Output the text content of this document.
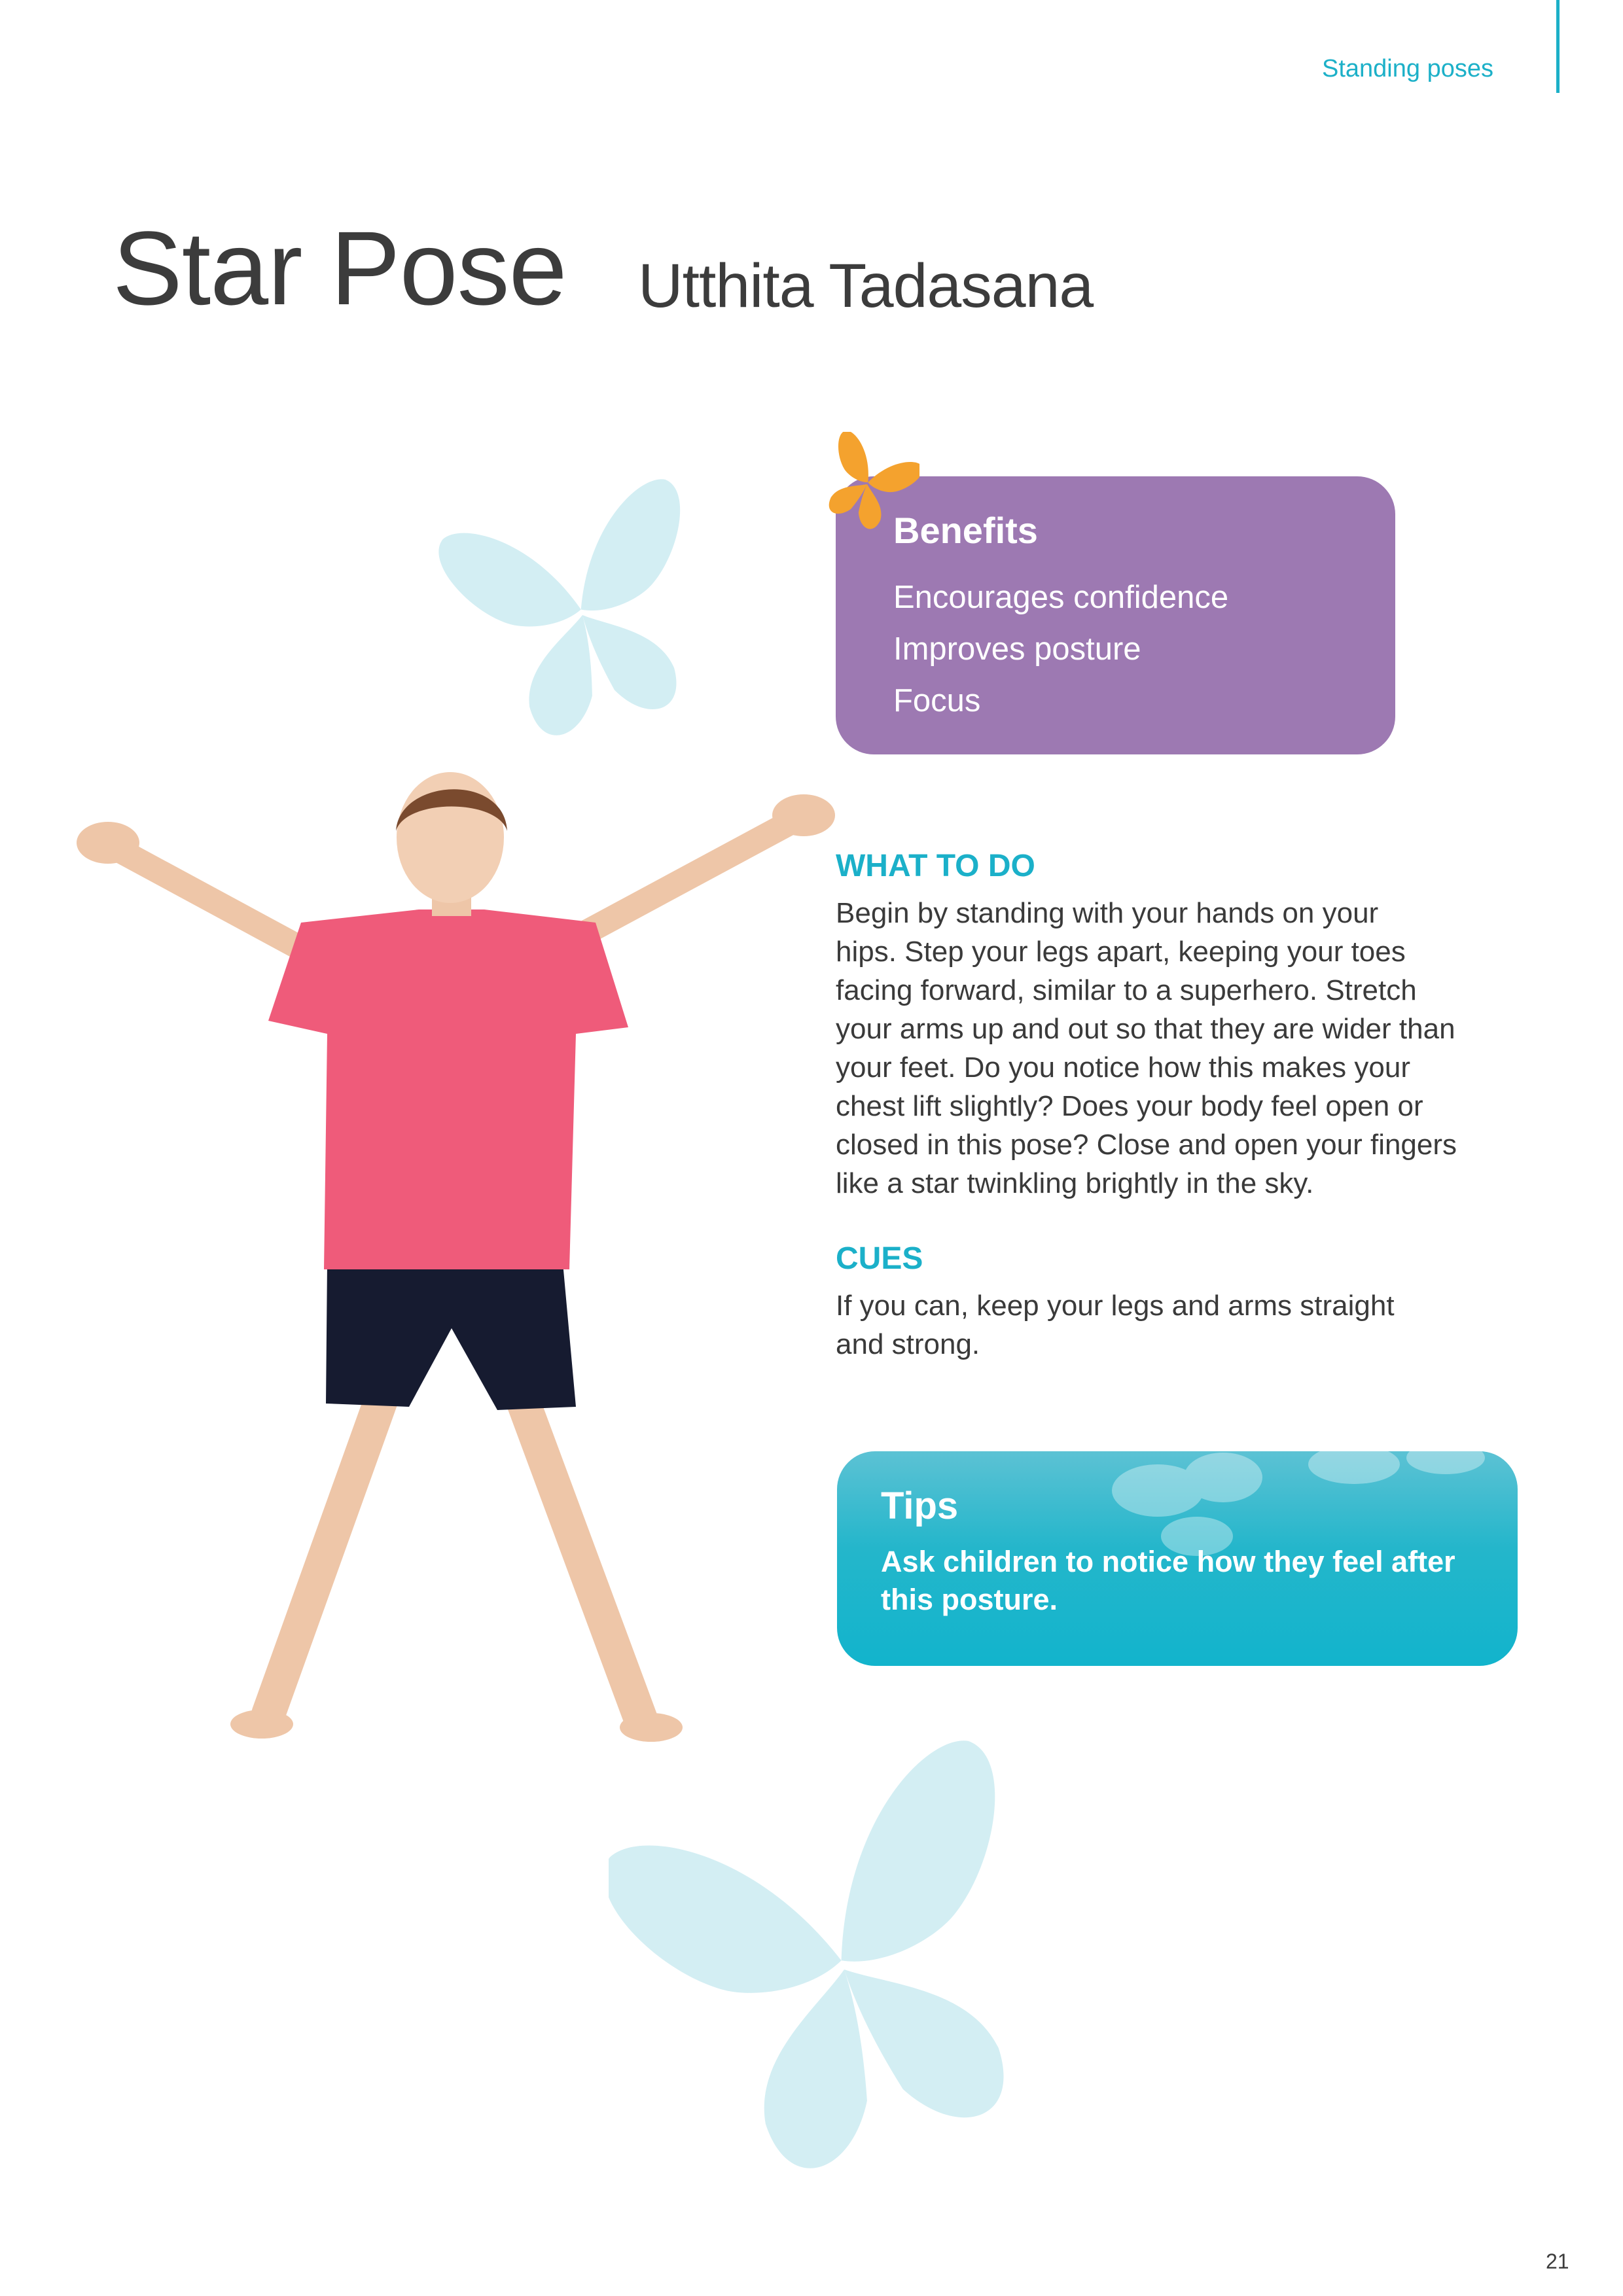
Standing poses
Star Pose Utthita Tadasana
Benefits
Encourages confidence
Improves posture
Focus
WHAT TO DO
Begin by standing with your hands on your
hips. Step your legs apart, keeping your toes
facing forward, similar to a superhero. Stretch
your arms up and out so that they are wider than
your feet. Do you notice how this makes your
chest lift slightly? Does your body feel open or
closed in this pose? Close and open your fingers
like a star twinkling brightly in the sky.
CUES
If you can, keep your legs and arms straight
and strong.
Tips
Ask children to notice how they feel after this posture.
21
